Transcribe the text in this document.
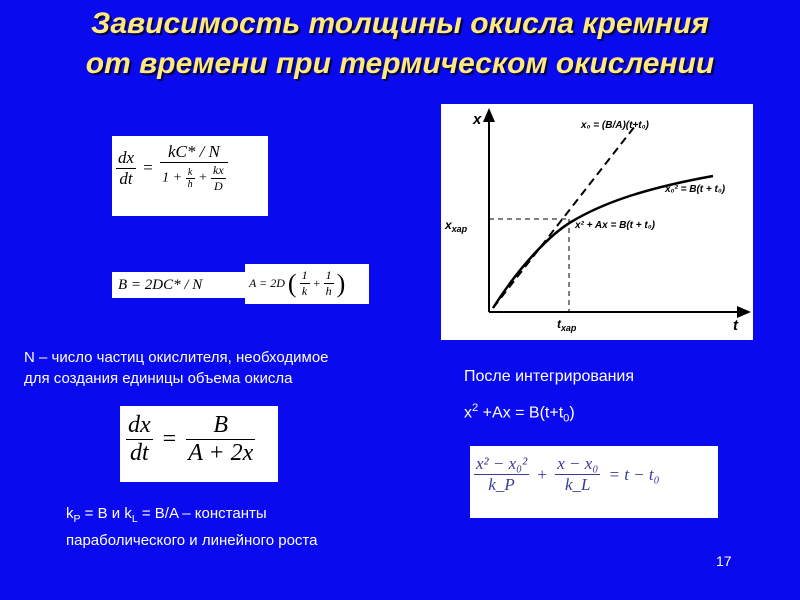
Зависимость толщины окисла кремния
от времени при термическом окислении
$\frac{dx}{dt}$ =
kC* / N
$1 + \frac{k}{h} + \frac{kx}{D}$
B = 2DC* / N	A = 2D ( $\frac{1}{k} + \frac{1}{h}$ )
N – число частиц окислителя, необходимое
для создания единицы объема окисла
$\frac{dx}{dt} = \frac{B}{A + 2x}$
$k_P = B$ и $k_L = B/A$ – константы
параболического и линейного роста
x
t
$x_{хар}$
$t_{хар}$
x₀ = (B/A)(t+t₀)
x₀² = B(t + t₀)
x² + Ax = B(t + t₀)
После интегрирования
$x^2 +Ax = B(t+t_0)$
$\frac{\text{x² − x₀²}}{k\_P} + \frac{\text{x − x₀}}{k\_L} = t - t_0$
17
